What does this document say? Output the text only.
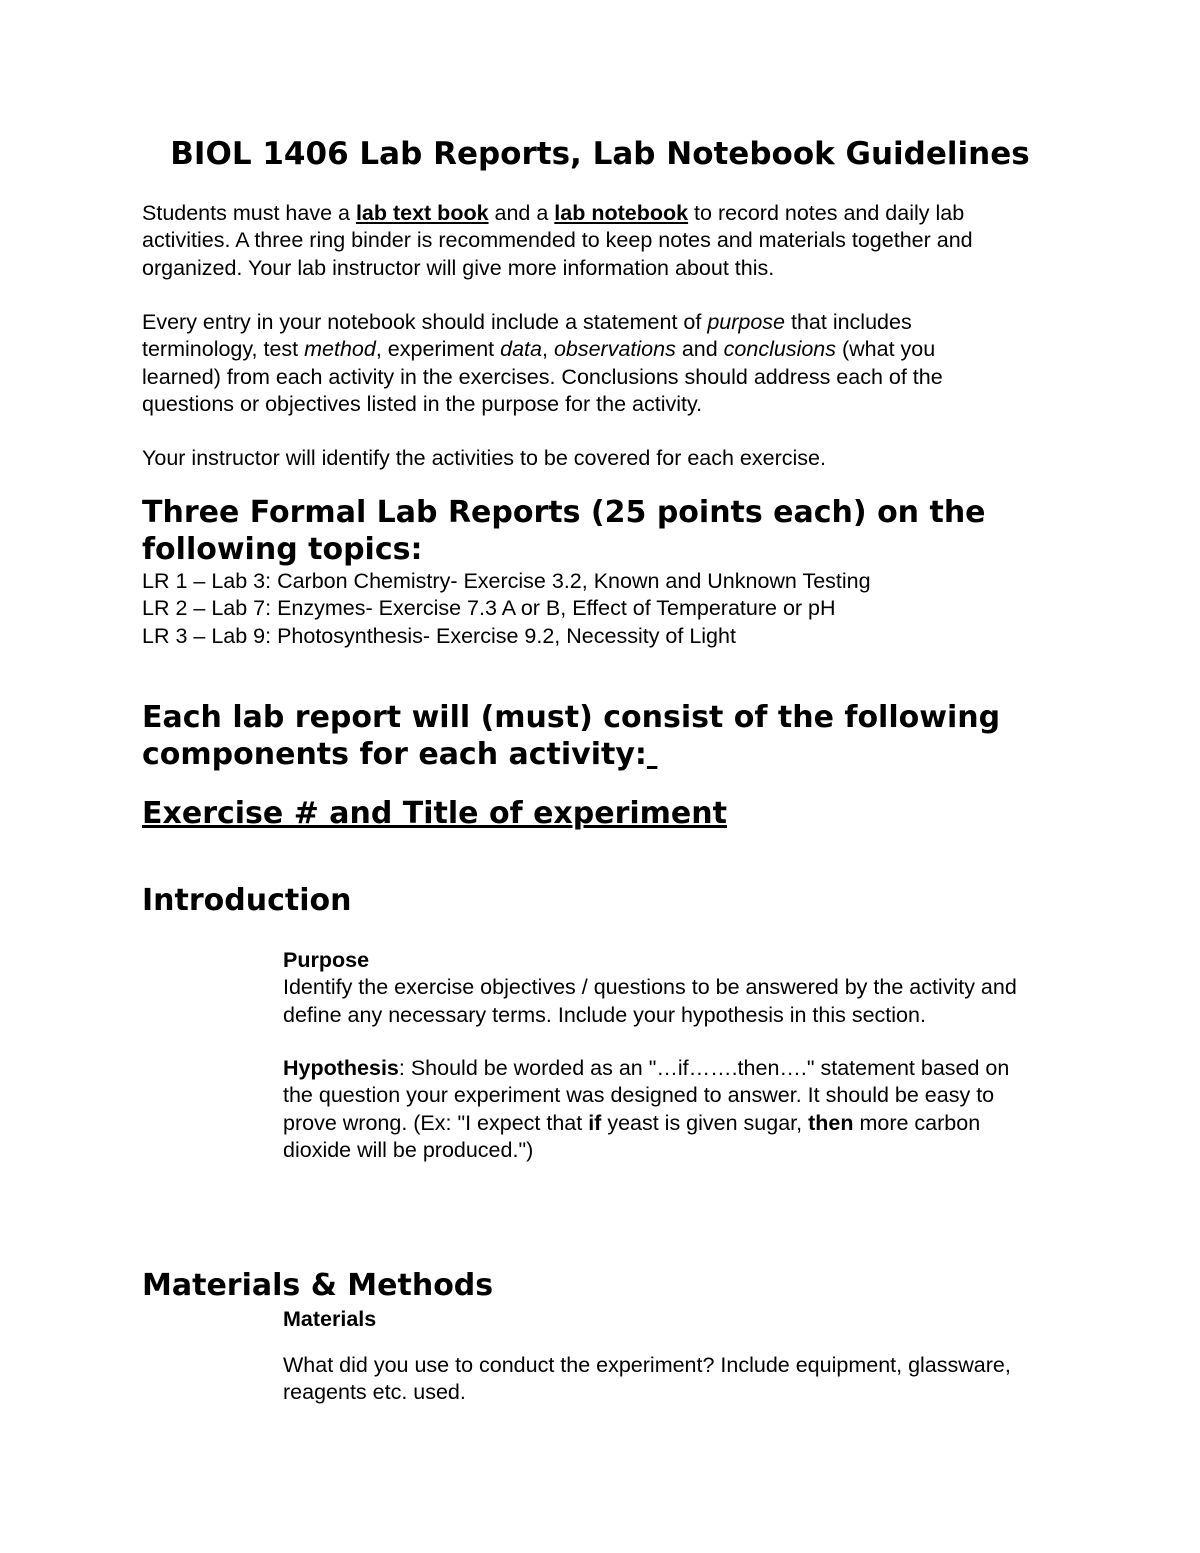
BIOL 1406 Lab Reports, Lab Notebook Guidelines

Students must have a lab text book and a lab notebook to record notes and daily lab

activities. A three ring binder is recommended to keep notes and materials together and

organized. Your lab instructor will give more information about this.

Every entry in your notebook should include a statement of purpose that includes

terminology, test method, experiment data, observations and conclusions (what you

learned) from each activity in the exercises. Conclusions should address each of the

questions or objectives listed in the purpose for the activity.

Your instructor will identify the activities to be covered for each exercise.

Three Formal Lab Reports (25 points each) on the

following topics:

LR 1 – Lab 3: Carbon Chemistry- Exercise 3.2, Known and Unknown Testing

LR 2 – Lab 7: Enzymes- Exercise 7.3 A or B, Effect of Temperature or pH

LR 3 – Lab 9: Photosynthesis- Exercise 9.2, Necessity of Light

Each lab report will (must) consist of the following

components for each activity:

Exercise # and Title of experiment

Introduction

Purpose

Identify the exercise objectives / questions to be answered by the activity and

define any necessary terms. Include your hypothesis in this section.

Hypothesis: Should be worded as an "…if…….then…." statement based on

the question your experiment was designed to answer. It should be easy to

prove wrong. (Ex: "I expect that if yeast is given sugar, then more carbon

dioxide will be produced.")

Materials & Methods

Materials

What did you use to conduct the experiment? Include equipment, glassware,

reagents etc. used.
